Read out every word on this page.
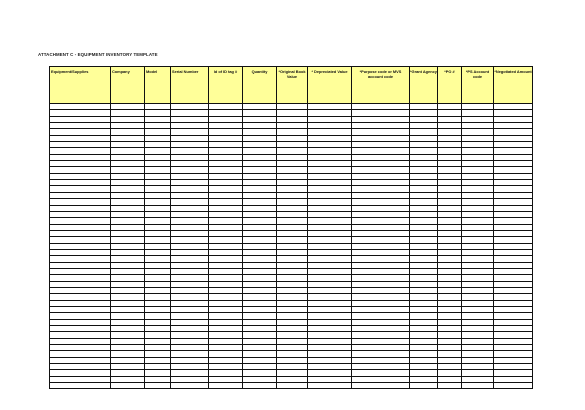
ATTACHMENT C - EQUIPMENT INVENTORY TEMPLATE
Equipment/Supplies	Company	Model	Serial Number	Id of ID tag #	Quantity	*Original Book Value	* Depreciated Value	*Purpose code or MVS account code	*Grant Agency	*PO #	*PS Account code	*Negotiated Amount
